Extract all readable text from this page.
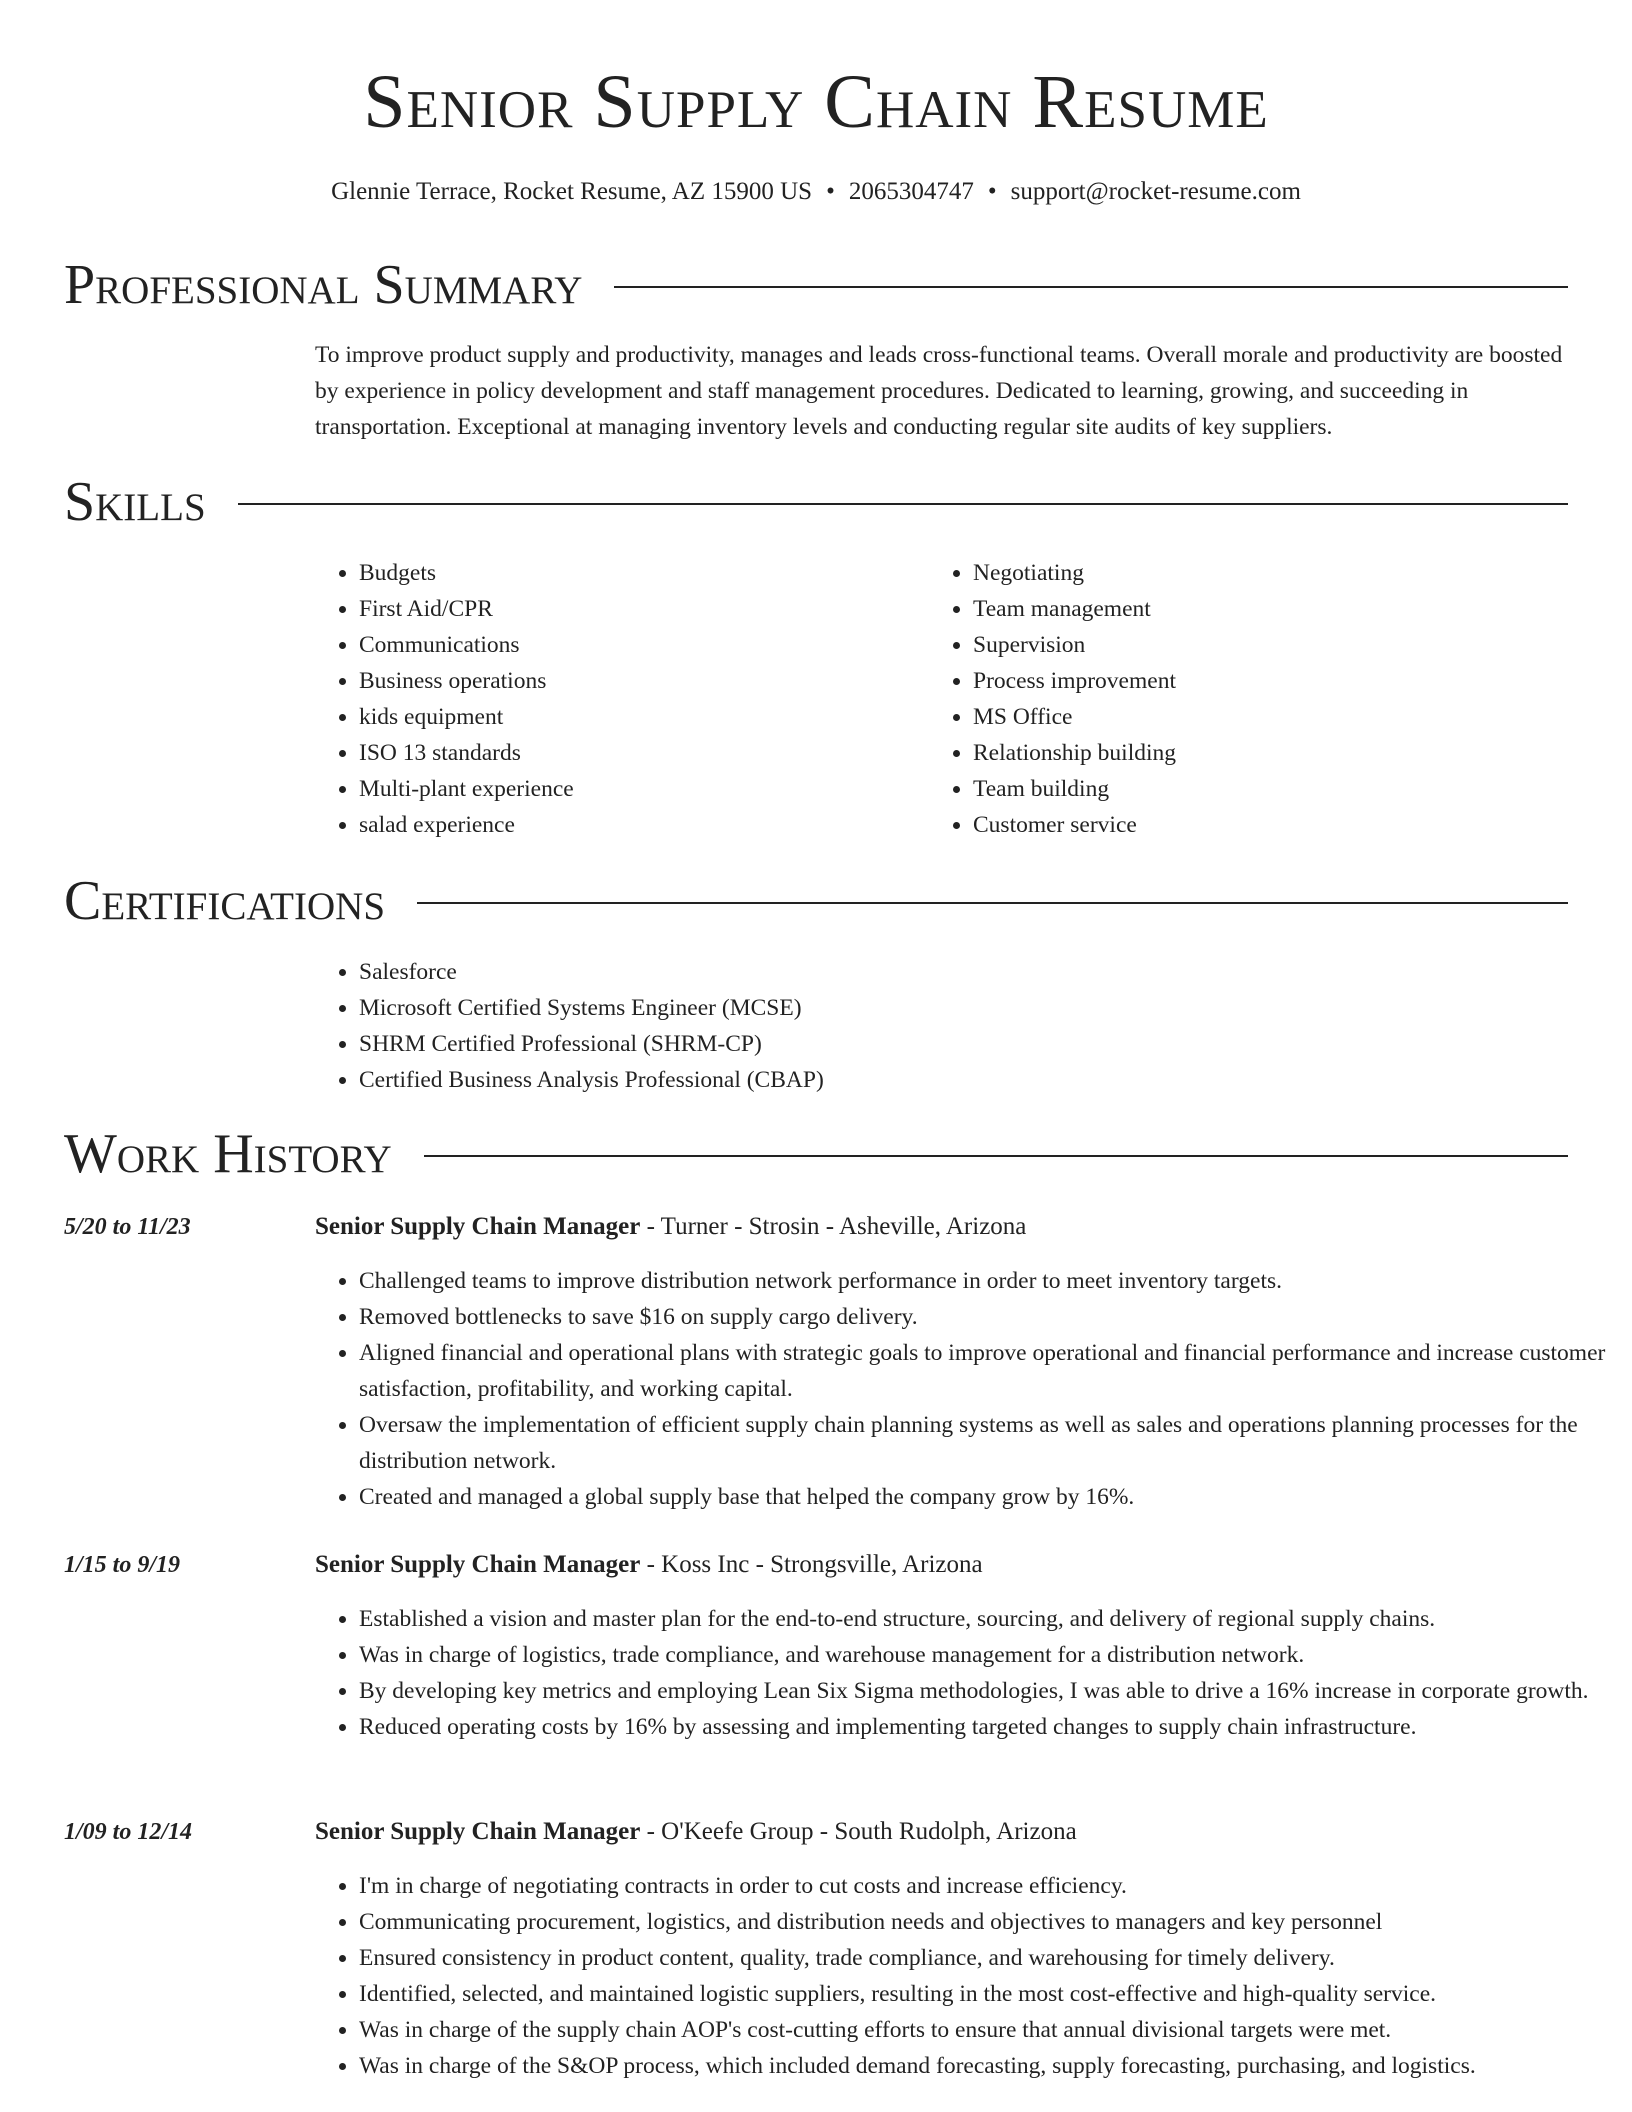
Senior Supply Chain Resume
Glennie Terrace, Rocket Resume, AZ 15900 US • 2065304747 • support@rocket-resume.com
Professional Summary

To improve product supply and productivity, manages and leads cross-functional teams. Overall morale and productivity are boosted by experience in policy development and staff management procedures. Dedicated to learning, growing, and succeeding in transportation. Exceptional at managing inventory levels and conducting regular site audits of key suppliers.

Skills
• Budgets
• First Aid/CPR
• Communications
• Business operations
• kids equipment
• ISO 13 standards
• Multi-plant experience
• salad experience
• Negotiating
• Team management
• Supervision
• Process improvement
• MS Office
• Relationship building
• Team building
• Customer service
Certifications
• Salesforce
• Microsoft Certified Systems Engineer (MCSE)
• SHRM Certified Professional (SHRM-CP)
• Certified Business Analysis Professional (CBAP)
Work History
5/20 to 11/23	Senior Supply Chain Manager - Turner - Strosin - Asheville, Arizona
• Challenged teams to improve distribution network performance in order to meet inventory targets.
• Removed bottlenecks to save $16 on supply cargo delivery.
• Aligned financial and operational plans with strategic goals to improve operational and financial performance and increase customer satisfaction, profitability, and working capital.
• Oversaw the implementation of efficient supply chain planning systems as well as sales and operations planning processes for the distribution network.
• Created and managed a global supply base that helped the company grow by 16%.
1/15 to 9/19	Senior Supply Chain Manager - Koss Inc - Strongsville, Arizona
• Established a vision and master plan for the end-to-end structure, sourcing, and delivery of regional supply chains.
• Was in charge of logistics, trade compliance, and warehouse management for a distribution network.
• By developing key metrics and employing Lean Six Sigma methodologies, I was able to drive a 16% increase in corporate growth.
• Reduced operating costs by 16% by assessing and implementing targeted changes to supply chain infrastructure.
1/09 to 12/14	Senior Supply Chain Manager - O'Keefe Group - South Rudolph, Arizona
• I'm in charge of negotiating contracts in order to cut costs and increase efficiency.
• Communicating procurement, logistics, and distribution needs and objectives to managers and key personnel
• Ensured consistency in product content, quality, trade compliance, and warehousing for timely delivery.
• Identified, selected, and maintained logistic suppliers, resulting in the most cost-effective and high-quality service.
• Was in charge of the supply chain AOP's cost-cutting efforts to ensure that annual divisional targets were met.
• Was in charge of the S&OP process, which included demand forecasting, supply forecasting, purchasing, and logistics.
